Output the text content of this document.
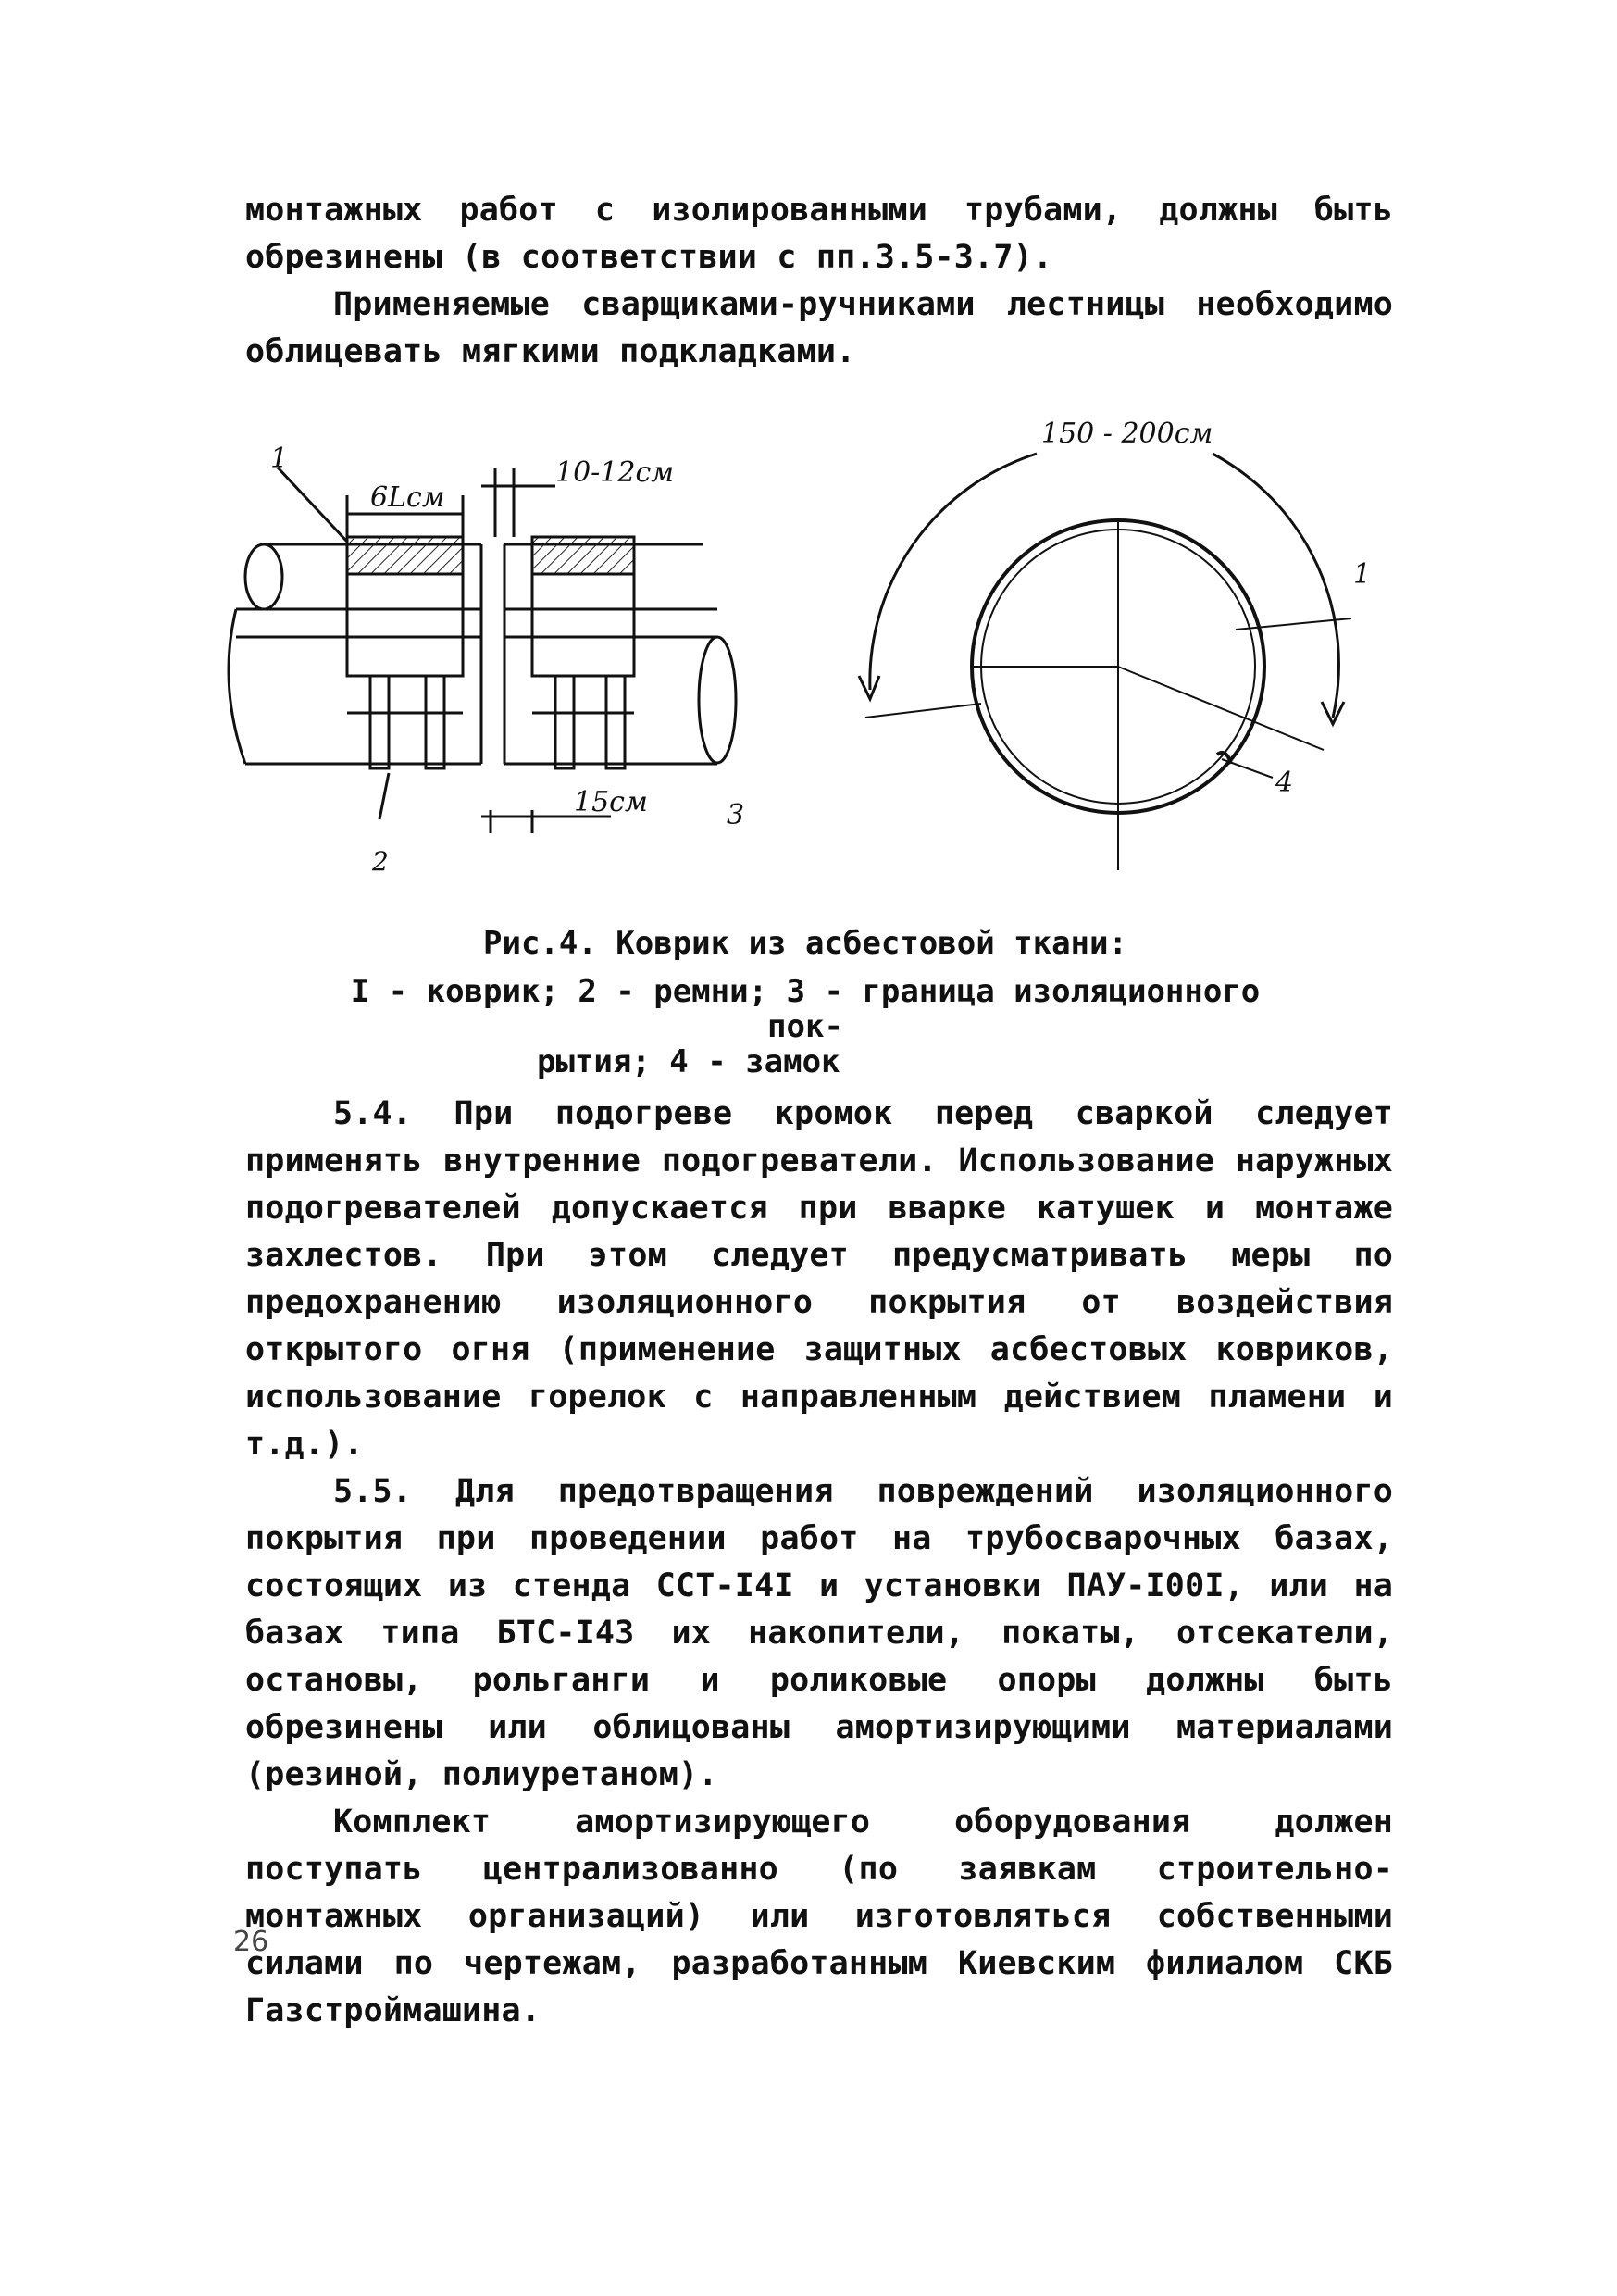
монтажных работ с изолированными трубами, должны быть обрезинены (в соответствии с пп.3.5-3.7).

Применяемые сварщиками-ручниками лестницы необходимо облицевать мягкими подкладками.

1
2
3
6Lсм
10-12см
15см
150 - 200см
1
4
Рис.4. Коврик из асбестовой ткани:
I - коврик; 2 - ремни; 3 - граница изоляционного пок-
рытия; 4 - замок

5.4. При подогреве кромок перед сваркой следует применять внутренние подогреватели. Использование наружных подогревателей допускается при вварке катушек и монтаже захлестов. При этом следует предусматривать меры по предохранению изоляционного покрытия от воздействия открытого огня (применение защитных асбестовых ковриков, использование горелок с направленным действием пламени и т.д.).

5.5. Для предотвращения повреждений изоляционного покрытия при проведении работ на трубосварочных базах, состоящих из стенда ССТ-I4I и установки ПАУ-I00I, или на базах типа БТС-I43 их накопители, покаты, отсекатели, остановы, рольганги и роликовые опоры должны быть обрезинены или облицованы амортизирующими материалами (резиной, полиуретаном).

Комплект амортизирующего оборудования должен поступать централизованно (по заявкам строительно-монтажных организаций) или изготовляться собственными силами по чертежам, разработанным Киевским филиалом СКБ Газстроймашина.

26
